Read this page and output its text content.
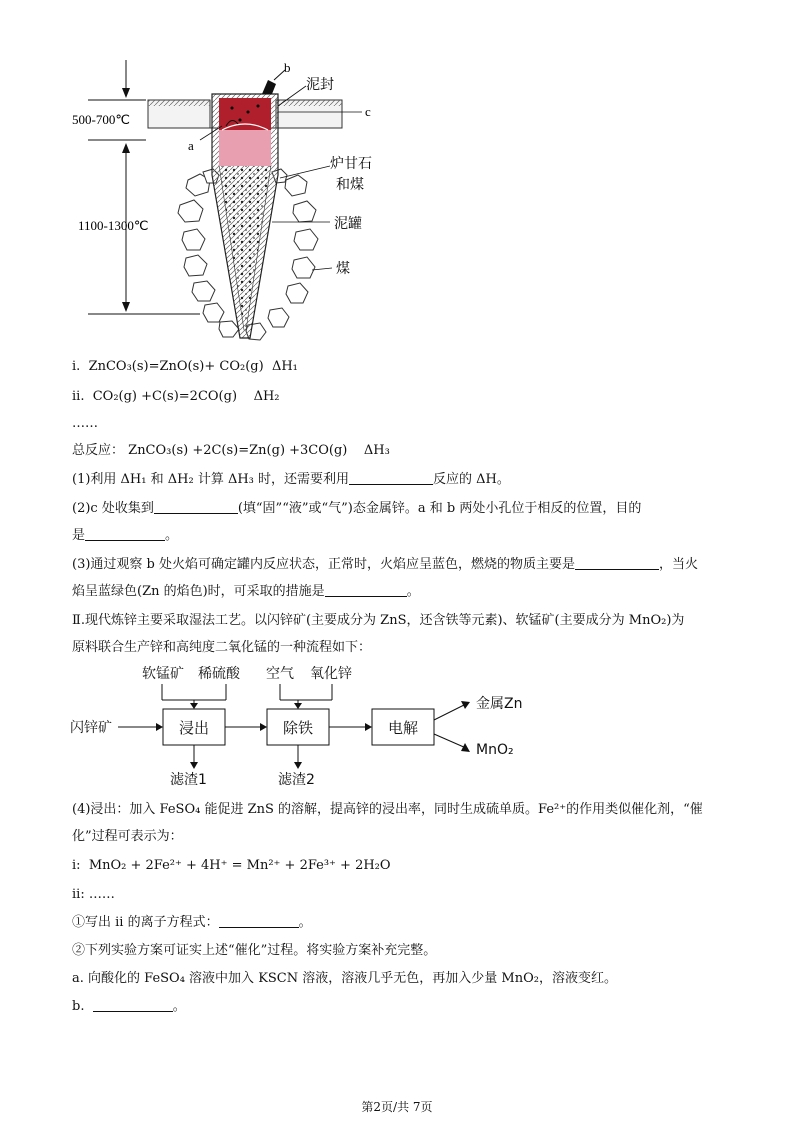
500-700℃
1100-1300℃
b
泥封
c
a
炉甘石
和煤
泥罐
煤
i. ZnCO₃(s)=ZnO(s)+ CO₂(g) ΔH₁
ii. CO₂(g) +C(s)=2CO(g) ΔH₂
……
总反应： ZnCO₃(s) +2C(s)=Zn(g) +3CO(g) ΔH₃
(1)利用 ΔH₁ 和 ΔH₂ 计算 ΔH₃ 时，还需要利用	反应的 ΔH。
(2)c 处收集到	(填“固”“液”或“气”)态金属锌。a 和 b 两处小孔位于相反的位置，目的
是	。
(3)通过观察 b 处火焰可确定罐内反应状态，正常时，火焰应呈蓝色，燃烧的物质主要是	，当火
焰呈蓝绿色(Zn 的焰色)时，可采取的措施是	。
Ⅱ.现代炼锌主要采取湿法工艺。以闪锌矿(主要成分为 ZnS，还含铁等元素)、软锰矿(主要成分为 MnO₂)为
原料联合生产锌和高纯度二氧化锰的一种流程如下：
闪锌矿
软锰矿 稀硫酸 空气 氧化锌
滤渣1	滤渣2
金属Zn
MnO₂
浸出	除铁	电解
(4)浸出：加入 FeSO₄ 能促进 ZnS 的溶解，提高锌的浸出率，同时生成硫单质。Fe²⁺的作用类似催化剂，“催
化”过程可表示为：
i: MnO₂ + 2Fe²⁺ + 4H⁺ = Mn²⁺ + 2Fe³⁺ + 2H₂O
ii: ……
①写出 ii 的离子方程式：	。
②下列实验方案可证实上述“催化”过程。将实验方案补充完整。
a. 向酸化的 FeSO₄ 溶液中加入 KSCN 溶液，溶液几乎无色，再加入少量 MnO₂，溶液变红。
b.	。
第2页/共 7页
